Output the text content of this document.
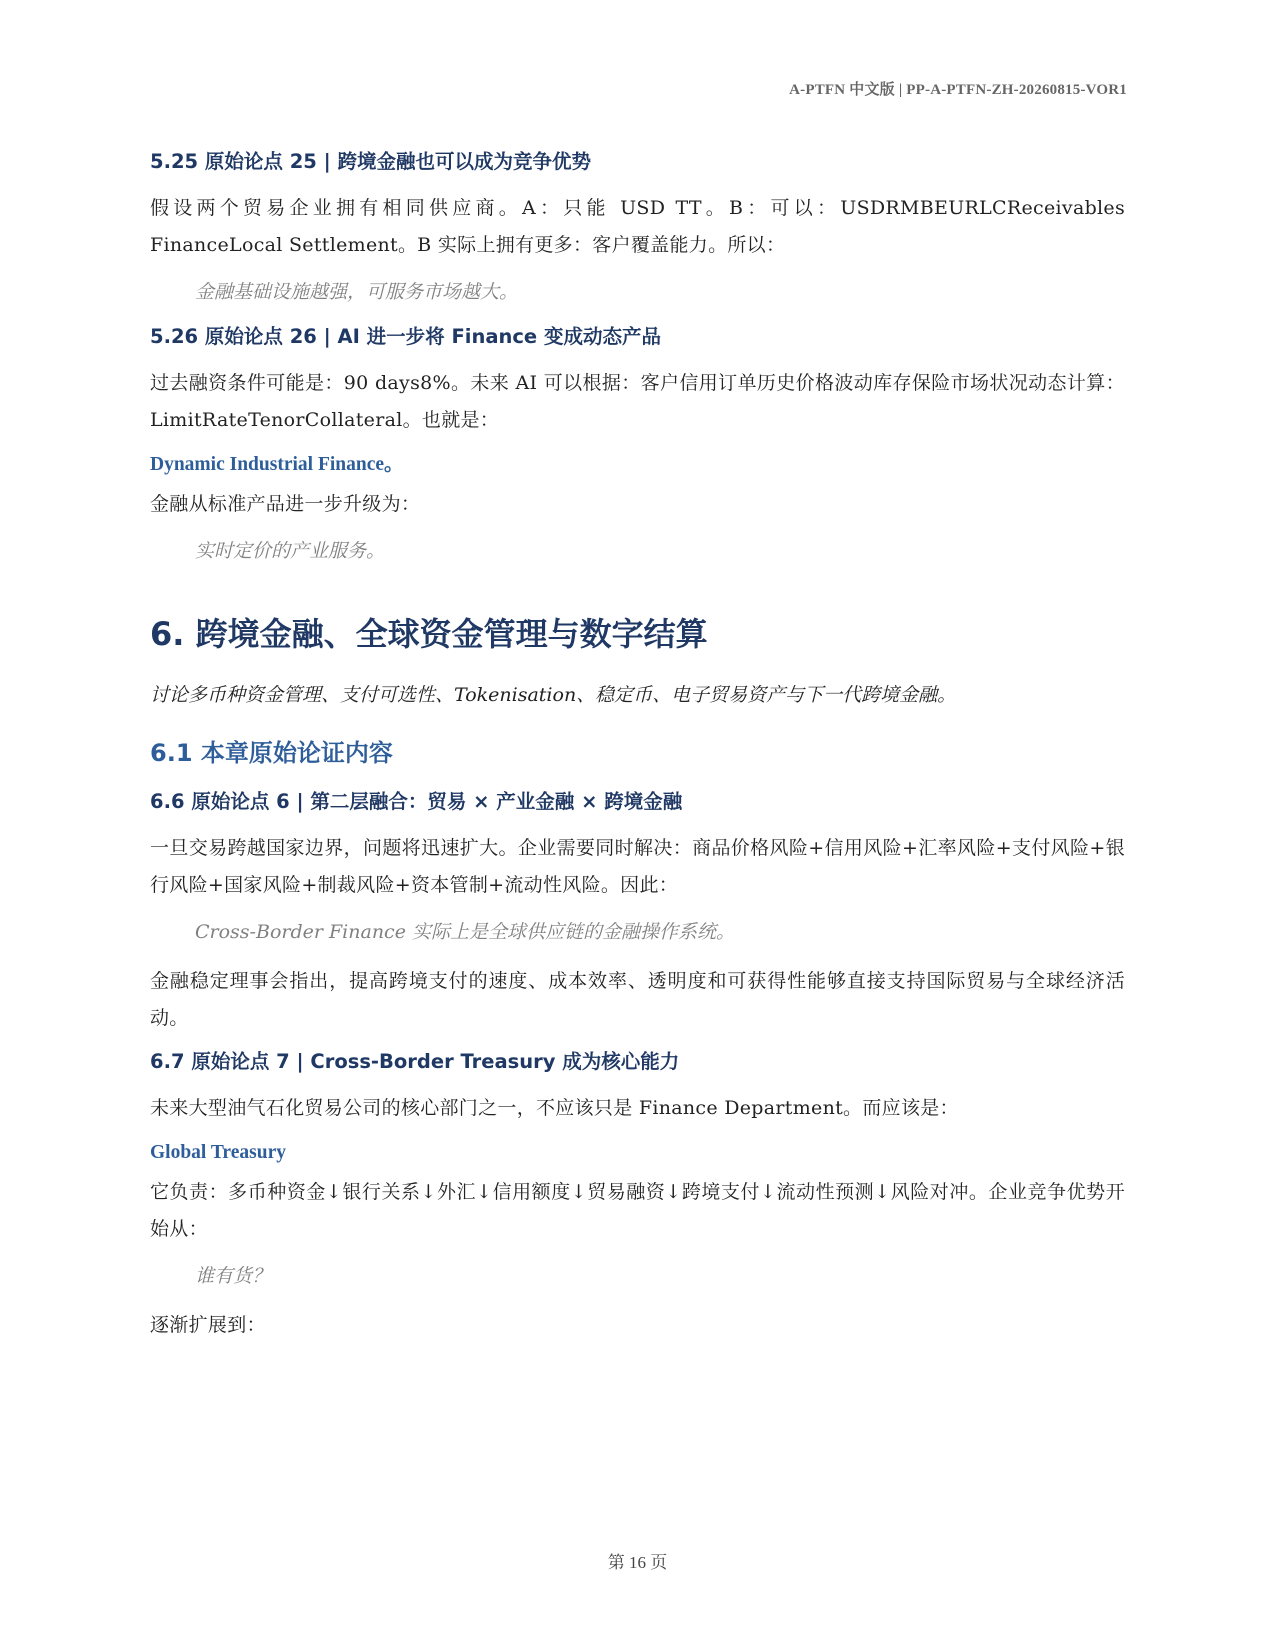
A-PTFN 中文版 | PP-A-PTFN-ZH-20260815-VOR1
5.25 原始论点 25 | 跨境金融也可以成为竞争优势
假设两个贸易企业拥有相同供应商。A：只能 USD TT。B：可以：USDRMBEURLCReceivables FinanceLocal Settlement。B 实际上拥有更多：客户覆盖能力。所以：
金融基础设施越强，可服务市场越大。
5.26 原始论点 26 | AI 进一步将 Finance 变成动态产品
过去融资条件可能是：90 days8%。未来 AI 可以根据：客户信用订单历史价格波动库存保险市场状况动态计算：LimitRateTenorCollateral。也就是：
Dynamic Industrial Finance。
金融从标准产品进一步升级为：
实时定价的产业服务。
6. 跨境金融、全球资金管理与数字结算
讨论多币种资金管理、支付可选性、Tokenisation、稳定币、电子贸易资产与下一代跨境金融。
6.1 本章原始论证内容
6.6 原始论点 6 | 第二层融合：贸易 × 产业金融 × 跨境金融
一旦交易跨越国家边界，问题将迅速扩大。企业需要同时解决：商品价格风险+信用风险+汇率风险+支付风险+银行风险+国家风险+制裁风险+资本管制+流动性风险。因此：
Cross-Border Finance 实际上是全球供应链的金融操作系统。
金融稳定理事会指出，提高跨境支付的速度、成本效率、透明度和可获得性能够直接支持国际贸易与全球经济活动。
6.7 原始论点 7 | Cross-Border Treasury 成为核心能力
未来大型油气石化贸易公司的核心部门之一，不应该只是 Finance Department。而应该是：
Global Treasury
它负责：多币种资金↓银行关系↓外汇↓信用额度↓贸易融资↓跨境支付↓流动性预测↓风险对冲。企业竞争优势开始从：
谁有货？
逐渐扩展到：
第 16 页
